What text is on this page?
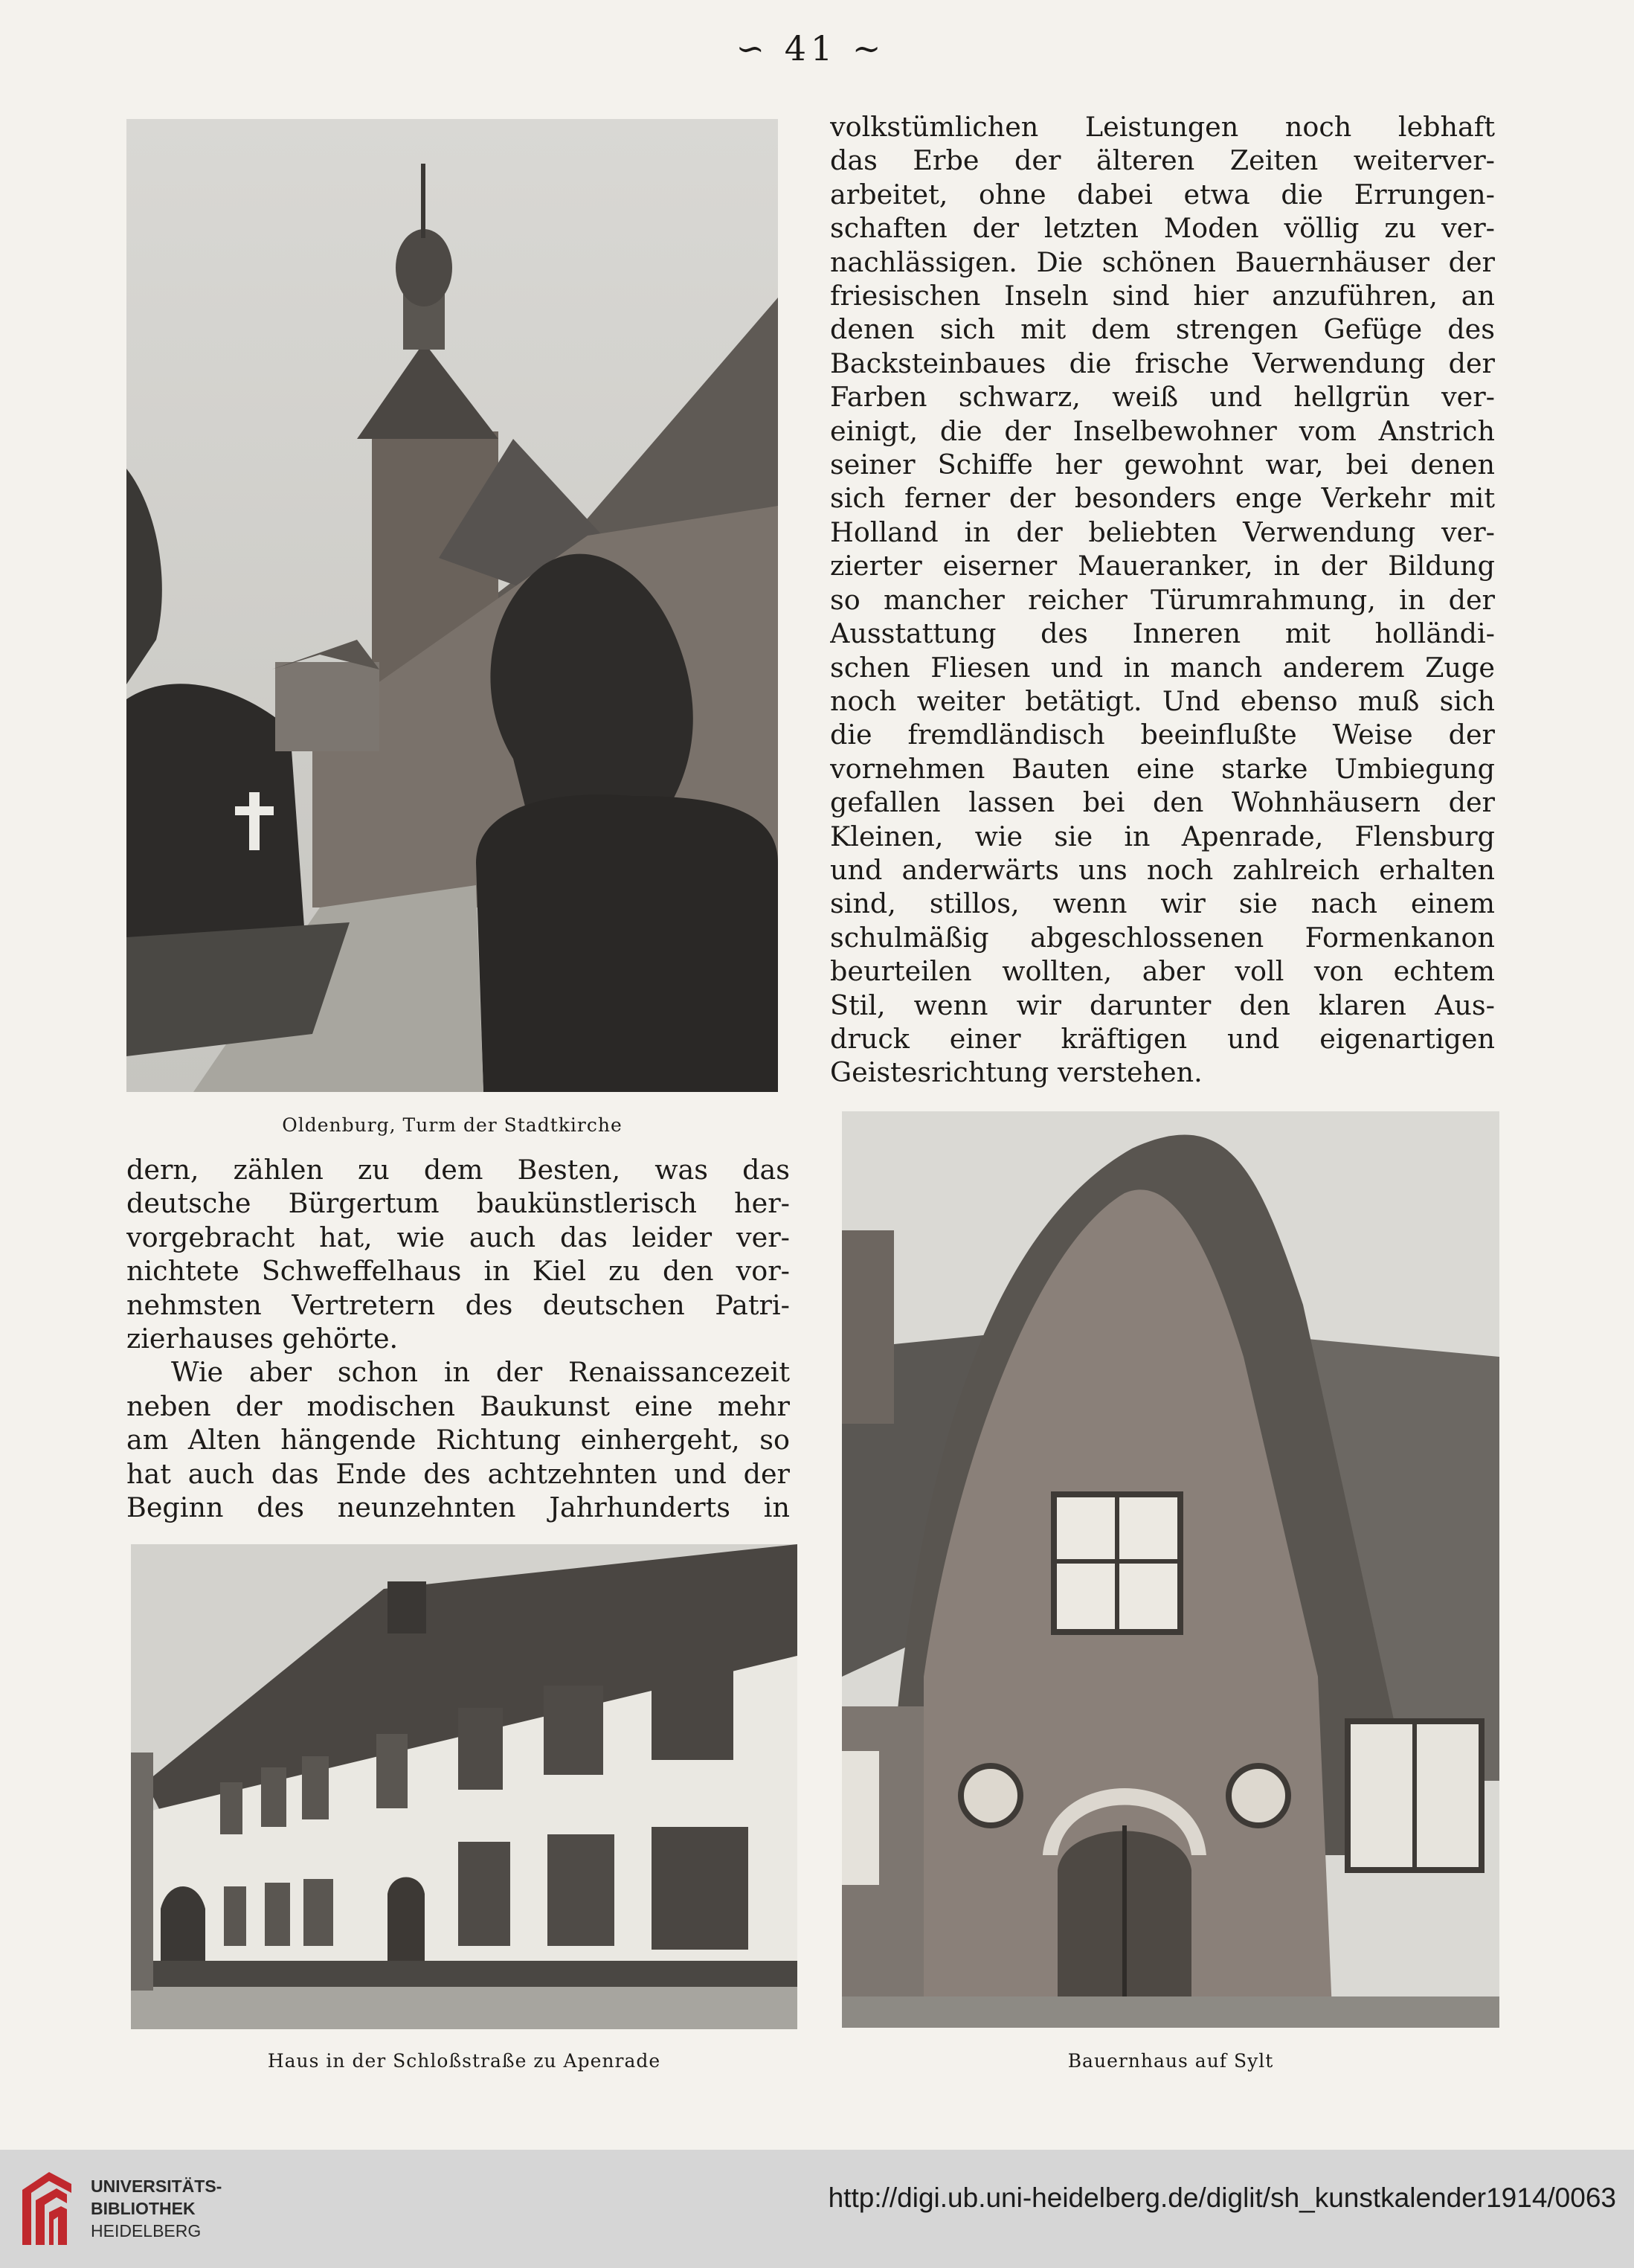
∽ 41 ∼
Oldenburg, Turm der Stadtkirche

volkstümlichen Leistungen noch lebhaft
das Erbe der älteren Zeiten weiterver-
arbeitet, ohne dabei etwa die Errungen-
schaften der letzten Moden völlig zu ver-
nachlässigen. Die schönen Bauernhäuser der
friesischen Inseln sind hier anzuführen, an
denen sich mit dem strengen Gefüge des
Backsteinbaues die frische Verwendung der
Farben schwarz, weiß und hellgrün ver-
einigt, die der Inselbewohner vom Anstrich
seiner Schiffe her gewohnt war, bei denen
sich ferner der besonders enge Verkehr mit
Holland in der beliebten Verwendung ver-
zierter eiserner Maueranker, in der Bildung
so mancher reicher Türumrahmung, in der
Ausstattung des Inneren mit holländi-
schen Fliesen und in manch anderem Zuge
noch weiter betätigt. Und ebenso muß sich
die fremdländisch beeinflußte Weise der
vornehmen Bauten eine starke Umbiegung
gefallen lassen bei den Wohnhäusern der
Kleinen, wie sie in Apenrade, Flensburg
und anderwärts uns noch zahlreich erhalten
sind, stillos, wenn wir sie nach einem
schulmäßig abgeschlossenen Formenkanon
beurteilen wollten, aber voll von echtem
Stil, wenn wir darunter den klaren Aus-
druck einer kräftigen und eigenartigen
Geistesrichtung verstehen.

dern, zählen zu dem Besten, was das
deutsche Bürgertum baukünstlerisch her-
vorgebracht hat, wie auch das leider ver-
nichtete Schweffelhaus in Kiel zu den vor-
nehmsten Vertretern des deutschen Patri-
zierhauses gehörte.
Wie aber schon in der Renaissancezeit
neben der modischen Baukunst eine mehr
am Alten hängende Richtung einhergeht, so
hat auch das Ende des achtzehnten und der
Beginn des neunzehnten Jahrhunderts in

Bauernhaus auf Sylt
Haus in der Schloßstraße zu Apenrade
UNIVERSITÄTS-
BIBLIOTHEK
HEIDELBERG
http://digi.ub.uni-heidelberg.de/diglit/sh_kunstkalender1914/0063
